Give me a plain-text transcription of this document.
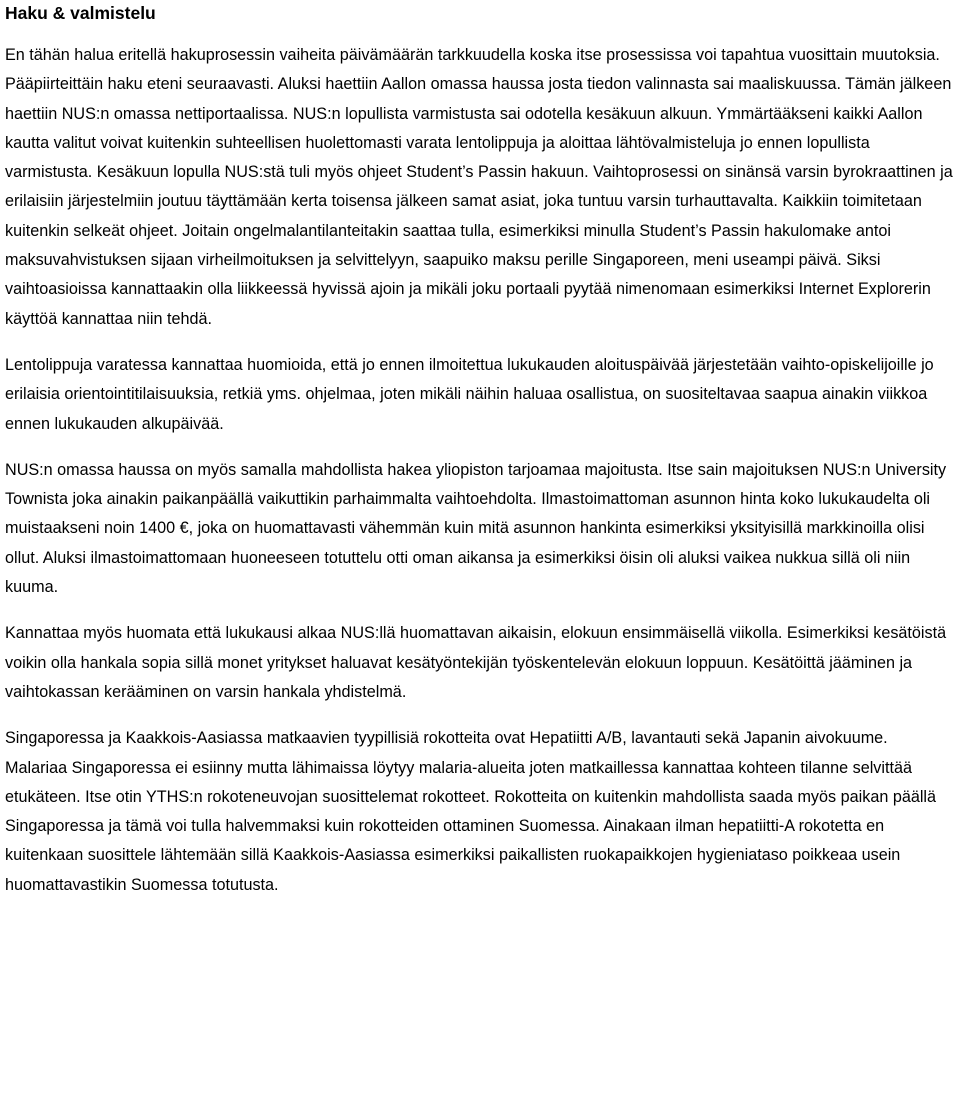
Haku & valmistelu

En tähän halua eritellä hakuprosessin vaiheita päivämäärän tarkkuudella koska itse prosessissa voi tapahtua vuosittain muutoksia. Pääpiirteittäin haku eteni seuraavasti. Aluksi haettiin Aallon omassa haussa josta tiedon valinnasta sai maaliskuussa. Tämän jälkeen haettiin NUS:n omassa nettiportaalissa. NUS:n lopullista varmistusta sai odotella kesäkuun alkuun. Ymmärtääkseni kaikki Aallon kautta valitut voivat kuitenkin suhteellisen huolettomasti varata lentolippuja ja aloittaa lähtövalmisteluja jo ennen lopullista varmistusta. Kesäkuun lopulla NUS:stä tuli myös ohjeet Student’s Passin hakuun. Vaihtoprosessi on sinänsä varsin byrokraattinen ja erilaisiin järjestelmiin joutuu täyttämään kerta toisensa jälkeen samat asiat, joka tuntuu varsin turhauttavalta. Kaikkiin toimitetaan kuitenkin selkeät ohjeet. Joitain ongelmalantilanteitakin saattaa tulla, esimerkiksi minulla Student’s Passin hakulomake antoi maksuvahvistuksen sijaan virheilmoituksen ja selvittelyyn, saapuiko maksu perille Singaporeen, meni useampi päivä. Siksi vaihtoasioissa kannattaakin olla liikkeessä hyvissä ajoin ja mikäli joku portaali pyytää nimenomaan esimerkiksi Internet Explorerin käyttöä kannattaa niin tehdä.

Lentolippuja varatessa kannattaa huomioida, että jo ennen ilmoitettua lukukauden aloituspäivää järjestetään vaihto-opiskelijoille jo erilaisia orientointitilaisuuksia, retkiä yms. ohjelmaa, joten mikäli näihin haluaa osallistua, on suositeltavaa saapua ainakin viikkoa ennen lukukauden alkupäivää.

NUS:n omassa haussa on myös samalla mahdollista hakea yliopiston tarjoamaa majoitusta. Itse sain majoituksen NUS:n University Townista joka ainakin paikanpäällä vaikuttikin parhaimmalta vaihtoehdolta. Ilmastoimattoman asunnon hinta koko lukukaudelta oli muistaakseni noin 1400 €, joka on huomattavasti vähemmän kuin mitä asunnon hankinta esimerkiksi yksityisillä markkinoilla olisi ollut. Aluksi ilmastoimattomaan huoneeseen totuttelu otti oman aikansa ja esimerkiksi öisin oli aluksi vaikea nukkua sillä oli niin kuuma.

Kannattaa myös huomata että lukukausi alkaa NUS:llä huomattavan aikaisin, elokuun ensimmäisellä viikolla. Esimerkiksi kesätöistä voikin olla hankala sopia sillä monet yritykset haluavat kesätyöntekijän työskentelevän elokuun loppuun. Kesätöittä jääminen ja vaihtokassan kerääminen on varsin hankala yhdistelmä.

Singaporessa ja Kaakkois-Aasiassa matkaavien tyypillisiä rokotteita ovat Hepatiitti A/B, lavantauti sekä Japanin aivokuume. Malariaa Singaporessa ei esiinny mutta lähimaissa löytyy malaria-alueita joten matkaillessa kannattaa kohteen tilanne selvittää etukäteen. Itse otin YTHS:n rokoteneuvojan suosittelemat rokotteet. Rokotteita on kuitenkin mahdollista saada myös paikan päällä Singaporessa ja tämä voi tulla halvemmaksi kuin rokotteiden ottaminen Suomessa. Ainakaan ilman hepatiitti-A rokotetta en kuitenkaan suosittele lähtemään sillä Kaakkois-Aasiassa esimerkiksi paikallisten ruokapaikkojen hygieniataso poikkeaa usein huomattavastikin Suomessa totutusta.
